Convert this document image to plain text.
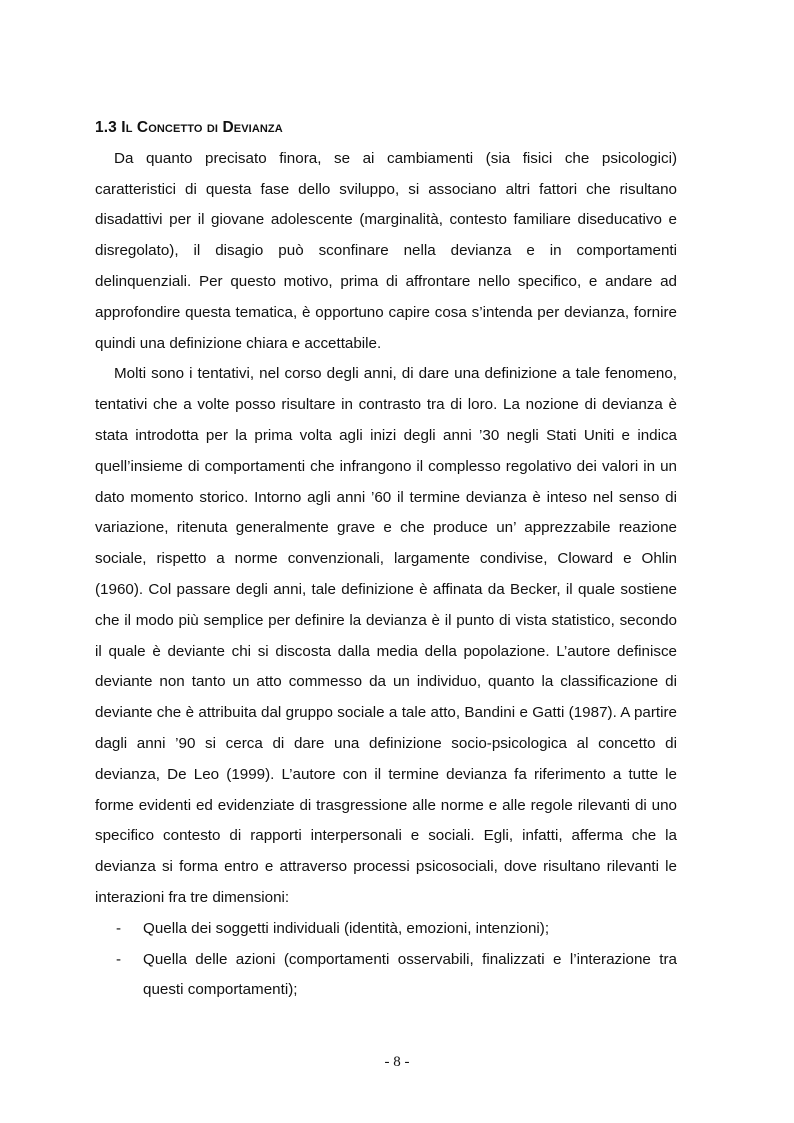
1.3 Il Concetto di Devianza

Da quanto precisato finora, se ai cambiamenti (sia fisici che psicologici) caratteristici di questa fase dello sviluppo, si associano altri fattori che risultano disadattivi per il giovane adolescente (marginalità, contesto familiare diseducativo e disregolato), il disagio può sconfinare nella devianza e in comportamenti delinquenziali. Per questo motivo, prima di affrontare nello specifico, e andare ad approfondire questa tematica, è opportuno capire cosa s’intenda per devianza, fornire quindi una definizione chiara e accettabile.

Molti sono i tentativi, nel corso degli anni, di dare una definizione a tale fenomeno, tentativi che a volte posso risultare in contrasto tra di loro. La nozione di devianza è stata introdotta per la prima volta agli inizi degli anni ’30 negli Stati Uniti e indica quell’insieme di comportamenti che infrangono il complesso regolativo dei valori in un dato momento storico. Intorno agli anni ’60 il termine devianza è inteso nel senso di variazione, ritenuta generalmente grave e che produce un’ apprezzabile reazione sociale, rispetto a norme convenzionali, largamente condivise, Cloward e Ohlin (1960). Col passare degli anni, tale definizione è affinata da Becker, il quale sostiene che il modo più semplice per definire la devianza è il punto di vista statistico, secondo il quale è deviante chi si discosta dalla media della popolazione. L’autore definisce deviante non tanto un atto commesso da un individuo, quanto la classificazione di deviante che è attribuita dal gruppo sociale a tale atto, Bandini e Gatti (1987). A partire dagli anni ’90 si cerca di dare una definizione socio-psicologica al concetto di devianza, De Leo (1999). L’autore con il termine devianza fa riferimento a tutte le forme evidenti ed evidenziate di trasgressione alle norme e alle regole rilevanti di uno specifico contesto di rapporti interpersonali e sociali. Egli, infatti, afferma che la devianza si forma entro e attraverso processi psicosociali, dove risultano rilevanti le interazioni fra tre dimensioni:

- Quella dei soggetti individuali (identità, emozioni, intenzioni);
- Quella delle azioni (comportamenti osservabili, finalizzati e l’interazione tra questi comportamenti);
- 8 -
